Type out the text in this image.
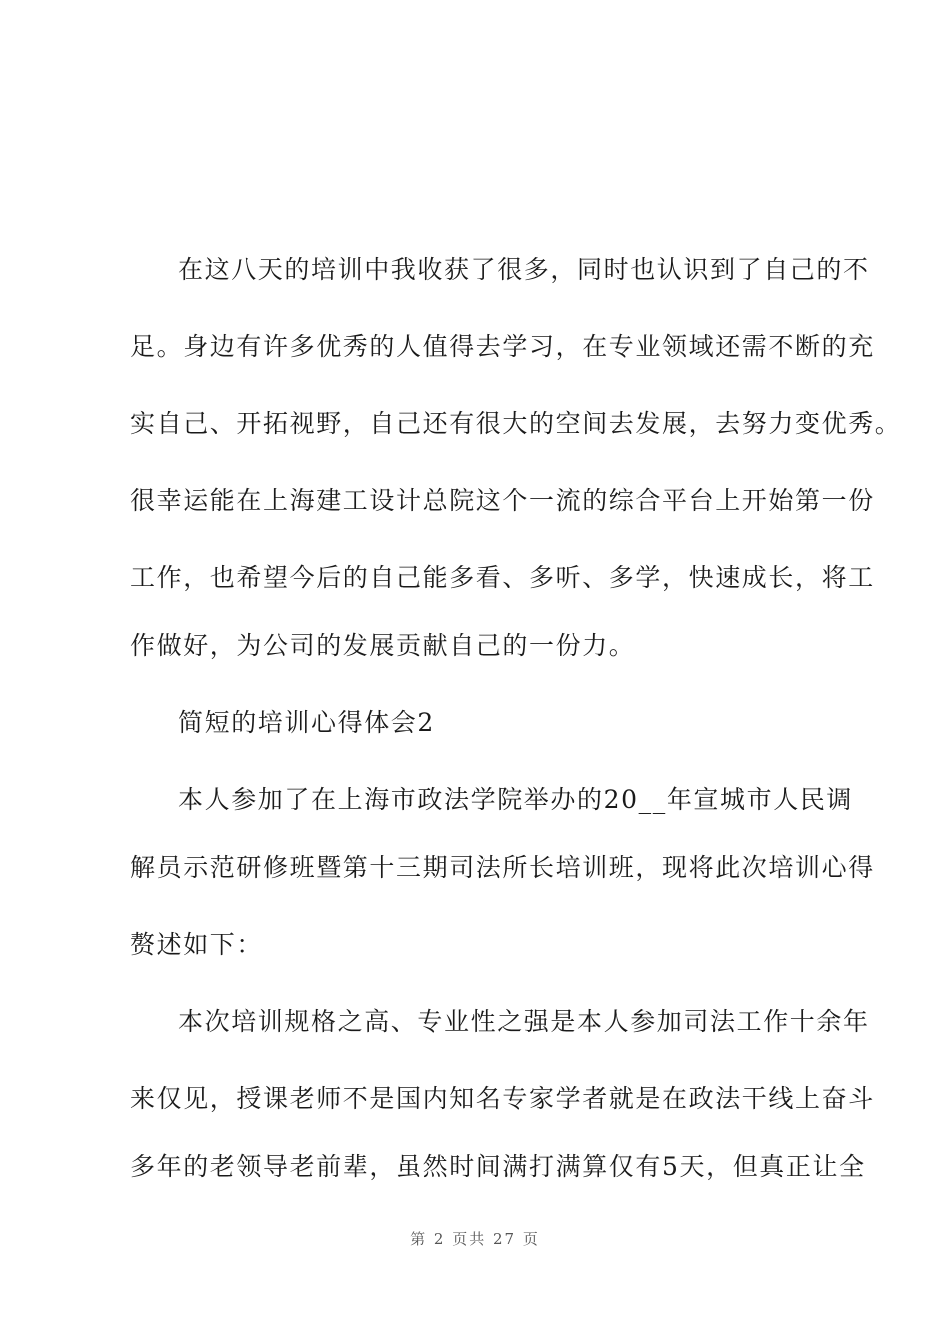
在这八天的培训中我收获了很多，同时也认识到了自己的不

足。身边有许多优秀的人值得去学习，在专业领域还需不断的充

实自己、开拓视野，自己还有很大的空间去发展，去努力变优秀。

很幸运能在上海建工设计总院这个一流的综合平台上开始第一份

工作，也希望今后的自己能多看、多听、多学，快速成长，将工

作做好，为公司的发展贡献自己的一份力。

简短的培训心得体会2

本人参加了在上海市政法学院举办的20__年宣城市人民调

解员示范研修班暨第十三期司法所长培训班，现将此次培训心得

赘述如下：

本次培训规格之高、专业性之强是本人参加司法工作十余年

来仅见，授课老师不是国内知名专家学者就是在政法干线上奋斗

多年的老领导老前辈，虽然时间满打满算仅有5天，但真正让全

第 2 页共 27 页
